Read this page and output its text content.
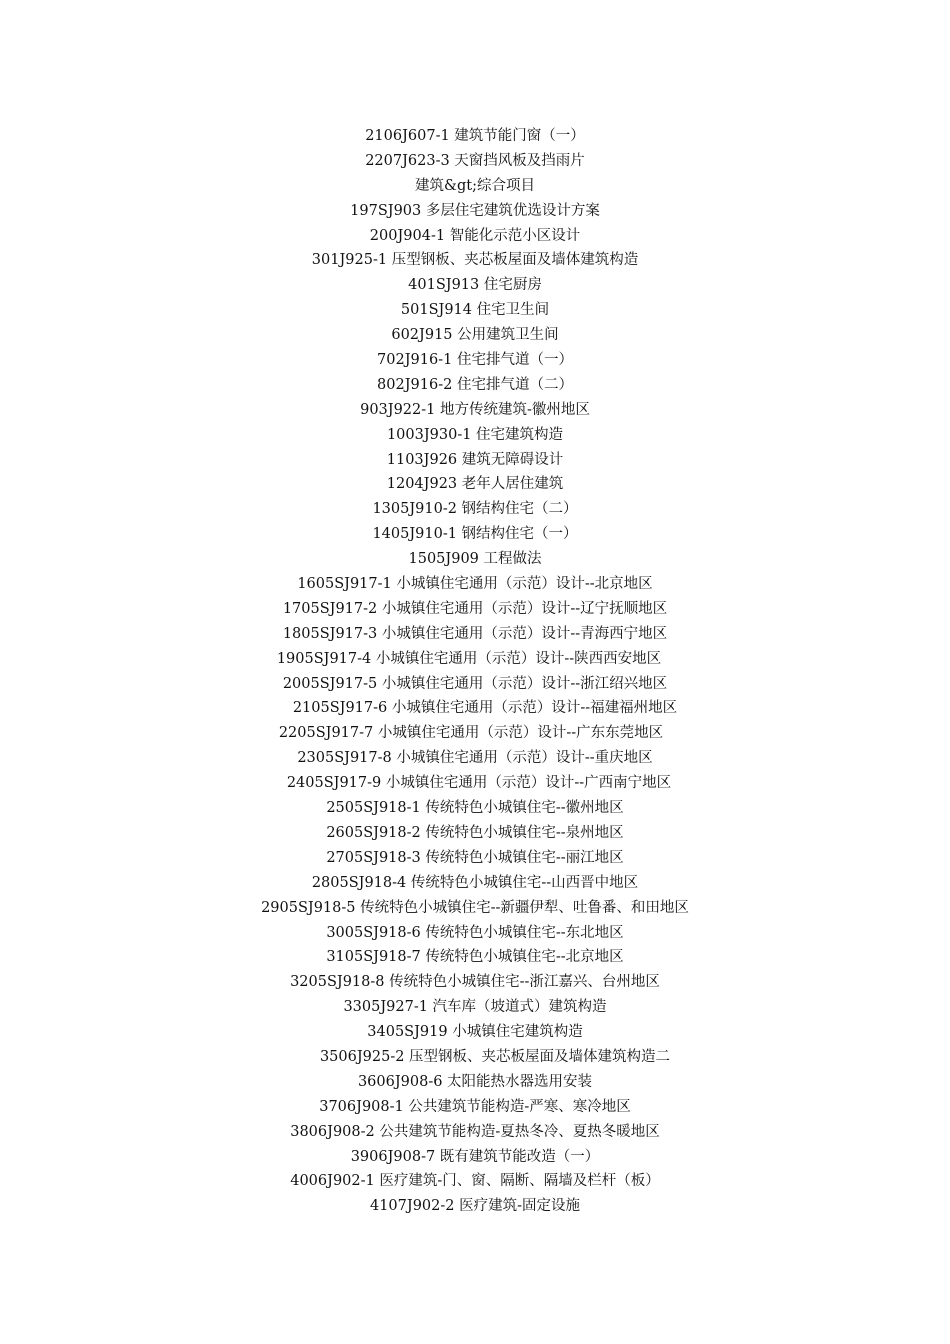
2106J607-1 建筑节能门窗（一）
2207J623-3 天窗挡风板及挡雨片
建筑&gt;综合项目
197SJ903 多层住宅建筑优选设计方案
200J904-1 智能化示范小区设计
301J925-1 压型钢板、夹芯板屋面及墙体建筑构造
401SJ913 住宅厨房
501SJ914 住宅卫生间
602J915 公用建筑卫生间
702J916-1 住宅排气道（一）
802J916-2 住宅排气道（二）
903J922-1 地方传统建筑-徽州地区
1003J930-1 住宅建筑构造
1103J926 建筑无障碍设计
1204J923 老年人居住建筑
1305J910-2 钢结构住宅（二）
1405J910-1 钢结构住宅（一）
1505J909 工程做法
1605SJ917-1 小城镇住宅通用（示范）设计--北京地区
1705SJ917-2 小城镇住宅通用（示范）设计--辽宁抚顺地区
1805SJ917-3 小城镇住宅通用（示范）设计--青海西宁地区
1905SJ917-4 小城镇住宅通用（示范）设计--陕西西安地区
2005SJ917-5 小城镇住宅通用（示范）设计--浙江绍兴地区
2105SJ917-6 小城镇住宅通用（示范）设计--福建福州地区
2205SJ917-7 小城镇住宅通用（示范）设计--广东东莞地区
2305SJ917-8 小城镇住宅通用（示范）设计--重庆地区
2405SJ917-9 小城镇住宅通用（示范）设计--广西南宁地区
2505SJ918-1 传统特色小城镇住宅--徽州地区
2605SJ918-2 传统特色小城镇住宅--泉州地区
2705SJ918-3 传统特色小城镇住宅--丽江地区
2805SJ918-4 传统特色小城镇住宅--山西晋中地区
2905SJ918-5 传统特色小城镇住宅--新疆伊犁、吐鲁番、和田地区
3005SJ918-6 传统特色小城镇住宅--东北地区
3105SJ918-7 传统特色小城镇住宅--北京地区
3205SJ918-8 传统特色小城镇住宅--浙江嘉兴、台州地区
3305J927-1 汽车库（坡道式）建筑构造
3405SJ919 小城镇住宅建筑构造
3506J925-2 压型钢板、夹芯板屋面及墙体建筑构造二
3606J908-6 太阳能热水器选用安装
3706J908-1 公共建筑节能构造-严寒、寒冷地区
3806J908-2 公共建筑节能构造-夏热冬冷、夏热冬暖地区
3906J908-7 既有建筑节能改造（一）
4006J902-1 医疗建筑-门、窗、隔断、隔墙及栏杆（板）
4107J902-2 医疗建筑-固定设施
